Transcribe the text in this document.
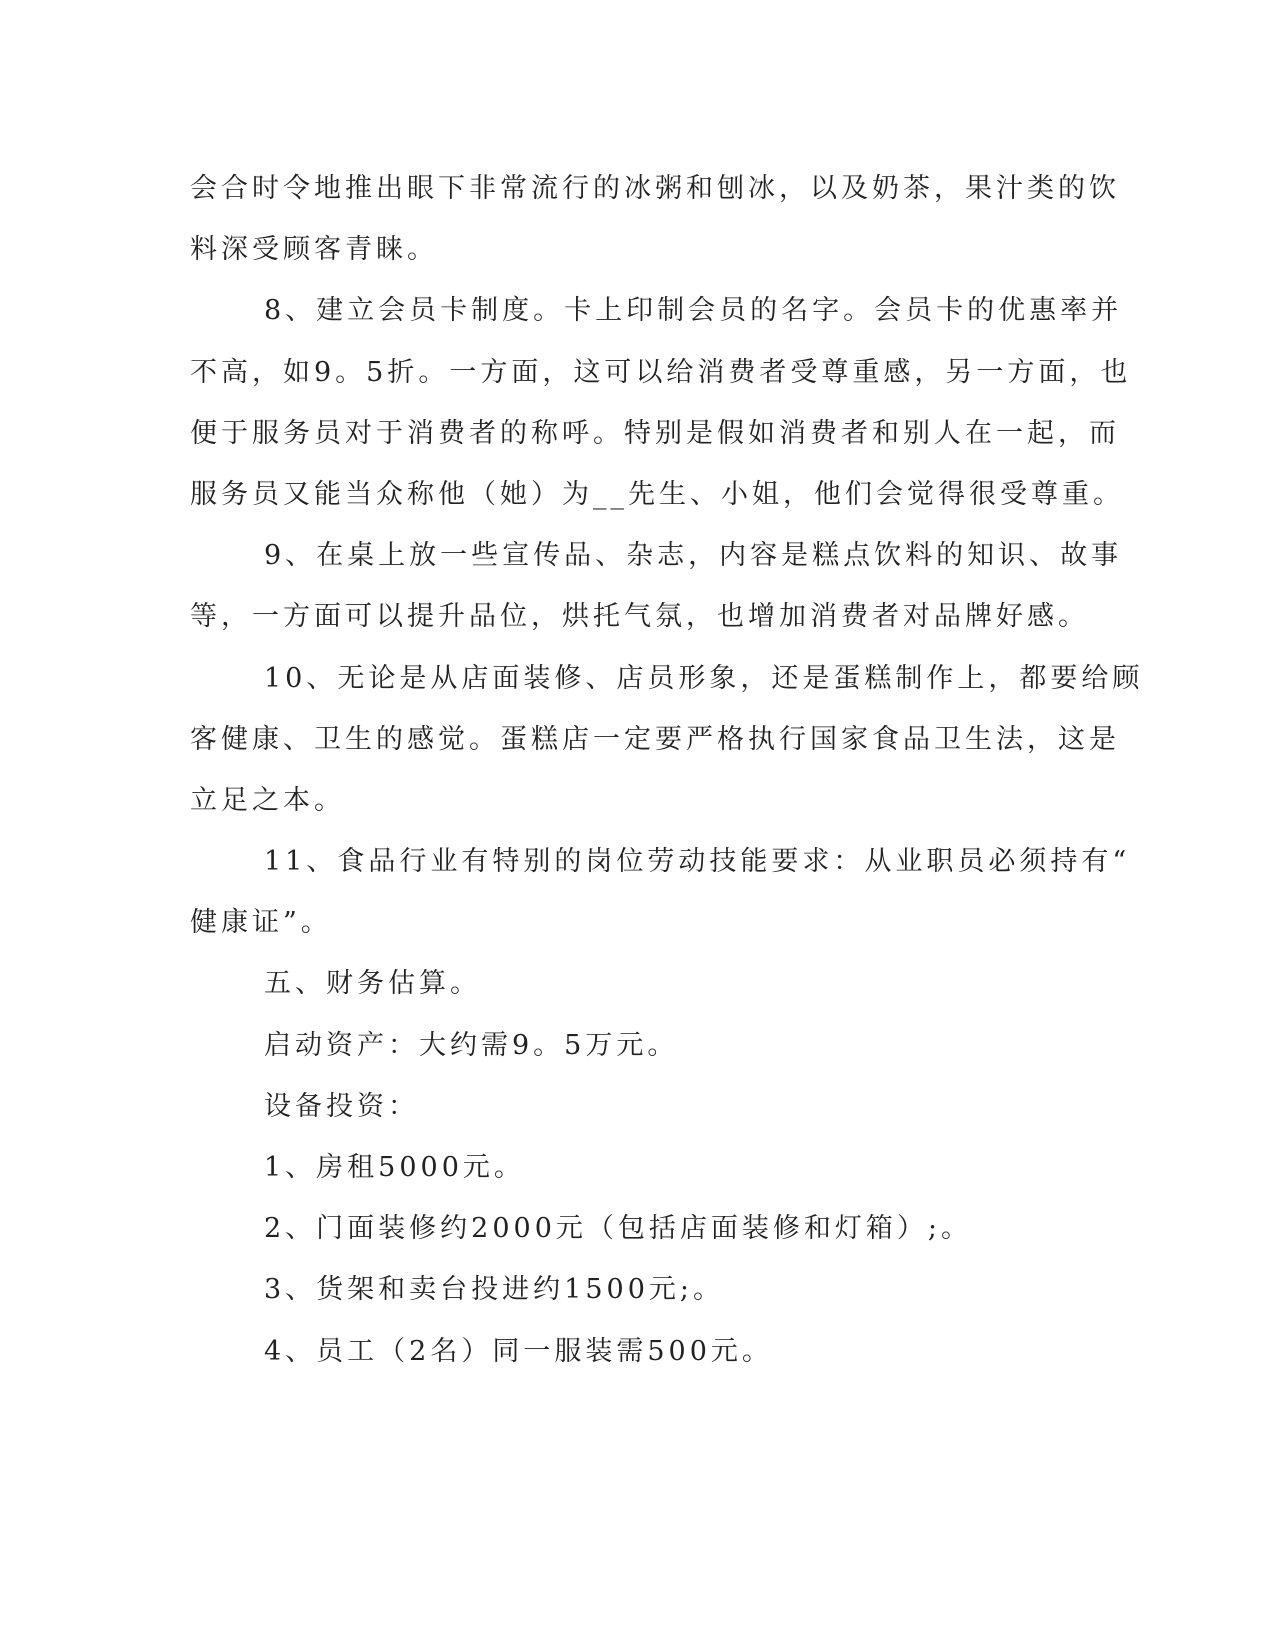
会合时令地推出眼下非常流行的冰粥和刨冰，以及奶茶，果汁类的饮
料深受顾客青睐。
8、建立会员卡制度。卡上印制会员的名字。会员卡的优惠率并
不高，如9。5折。一方面，这可以给消费者受尊重感，另一方面，也
便于服务员对于消费者的称呼。特别是假如消费者和别人在一起，而
服务员又能当众称他（她）为__先生、小姐，他们会觉得很受尊重。
9、在桌上放一些宣传品、杂志，内容是糕点饮料的知识、故事
等，一方面可以提升品位，烘托气氛，也增加消费者对品牌好感。
10、无论是从店面装修、店员形象，还是蛋糕制作上，都要给顾
客健康、卫生的感觉。蛋糕店一定要严格执行国家食品卫生法，这是
立足之本。
11、食品行业有特别的岗位劳动技能要求：从业职员必须持有“
健康证”。
五、财务估算。
启动资产：大约需9。5万元。
设备投资：
1、房租5000元。
2、门面装修约2000元（包括店面装修和灯箱）;。
3、货架和卖台投进约1500元;。
4、员工（2名）同一服装需500元。
